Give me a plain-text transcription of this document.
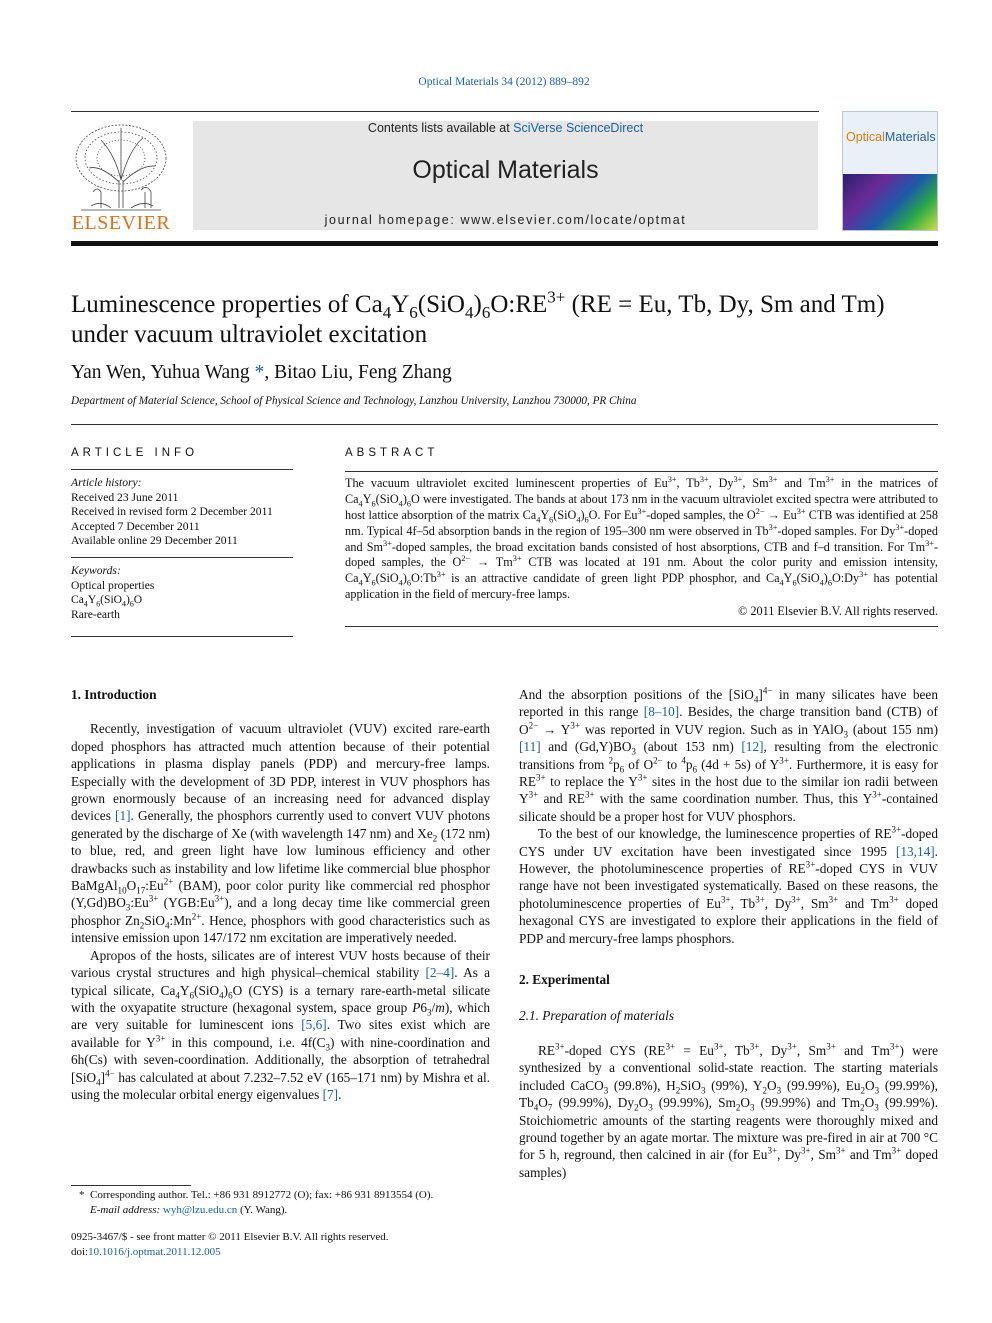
Optical Materials 34 (2012) 889–892
ELSEVIER
Contents lists available at SciVerse ScienceDirect
Optical Materials
journal homepage: www.elsevier.com/locate/optmat
OpticalMaterials
Luminescence properties of $Ca_4Y_6(SiO_4)_6O:RE^{3+}$ (RE = Eu, Tb, Dy, Sm and Tm)
under vacuum ultraviolet excitation
Yan Wen, Yuhua Wang *, Bitao Liu, Feng Zhang
Department of Material Science, School of Physical Science and Technology, Lanzhou University, Lanzhou 730000, PR China
ARTICLE INFO
Article history:
Received 23 June 2011
Received in revised form 2 December 2011
Accepted 7 December 2011
Available online 29 December 2011
Keywords:
Optical properties
$Ca_4Y_6(SiO_4)_6O$
Rare-earth
ABSTRACT

The vacuum ultraviolet excited luminescent properties of $Eu^{3+}$, $Tb^{3+}$, $Dy^{3+}$, $Sm^{3+}$ and $Tm^{3+}$ in the matrices of $Ca_4Y_6(SiO_4)_6O$ were investigated. The bands at about 173 nm in the vacuum ultraviolet excited spectra were attributed to host lattice absorption of the matrix $Ca_4Y_6(SiO_4)_6O$. For $Eu^{3+}$-doped samples, the $O^{2-} \to Eu^{3+}$ CTB was identified at 258 nm. Typical 4f–5d absorption bands in the region of 195–300 nm were observed in $Tb^{3+}$-doped samples. For $Dy^{3+}$-doped and $Sm^{3+}$-doped samples, the broad excitation bands consisted of host absorptions, CTB and f–d transition. For $Tm^{3+}$-doped samples, the $O^{2-} \to Tm^{3+}$ CTB was located at 191 nm. About the color purity and emission intensity, $Ca_4Y_6(SiO_4)_6O:Tb^{3+}$ is an attractive candidate of green light PDP phosphor, and $Ca_4Y_6(SiO_4)_6O:Dy^{3+}$ has potential application in the field of mercury-free lamps.

© 2011 Elsevier B.V. All rights reserved.
1. Introduction

Recently, investigation of vacuum ultraviolet (VUV) excited rare-earth doped phosphors has attracted much attention because of their potential applications in plasma display panels (PDP) and mercury-free lamps. Especially with the development of 3D PDP, interest in VUV phosphors has grown enormously because of an increasing need for advanced display devices [1]. Generally, the phosphors currently used to convert VUV photons generated by the discharge of Xe (with wavelength 147 nm) and $Xe_2$ (172 nm) to blue, red, and green light have low luminous efficiency and other drawbacks such as instability and low lifetime like commercial blue phosphor $BaMgAl_{10}O_{17}:Eu^{2+}$ (BAM), poor color purity like commercial red phosphor $(Y,Gd)BO_3:Eu^{3+}$ $(YGB:Eu^{3+})$, and a long decay time like commercial green phosphor $Zn_2SiO_4:Mn^{2+}$. Hence, phosphors with good characteristics such as intensive emission upon 147/172 nm excitation are imperatively needed.

Apropos of the hosts, silicates are of interest VUV hosts because of their various crystal structures and high physical–chemical stability [2–4]. As a typical silicate, $Ca_4Y_6(SiO_4)_6O$ (CYS) is a ternary rare-earth-metal silicate with the oxyapatite structure (hexagonal system, space group $P6_3/m$), which are very suitable for luminescent ions [5,6]. Two sites exist which are available for $Y^{3+}$ in this compound, i.e. $4f(C_3)$ with nine-coordination and 6h(Cs) with seven-coordination. Additionally, the absorption of tetrahedral $[SiO_4]^{4-}$ has calculated at about 7.232–7.52 eV (165–171 nm) by Mishra et al. using the molecular orbital energy eigenvalues [7].

And the absorption positions of the $[SiO_4]^{4-}$ in many silicates have been reported in this range [8–10]. Besides, the charge transition band (CTB) of $O^{2-} \to Y^{3+}$ was reported in VUV region. Such as in YAlO$_3$ (about 155 nm) [11] and $(Gd,Y)BO_3$ (about 153 nm) [12], resulting from the electronic transitions from $^2p_6$ of $O^{2-}$ to $^4p_6$ (4d + 5s) of $Y^{3+}$. Furthermore, it is easy for $RE^{3+}$ to replace the $Y^{3+}$ sites in the host due to the similar ion radii between $Y^{3+}$ and $RE^{3+}$ with the same coordination number. Thus, this $Y^{3+}$-contained silicate should be a proper host for VUV phosphors.

To the best of our knowledge, the luminescence properties of $RE^{3+}$-doped CYS under UV excitation have been investigated since 1995 [13,14]. However, the photoluminescence properties of $RE^{3+}$-doped CYS in VUV range have not been investigated systematically. Based on these reasons, the photoluminescence properties of $Eu^{3+}$, $Tb^{3+}$, $Dy^{3+}$, $Sm^{3+}$ and $Tm^{3+}$ doped hexagonal CYS are investigated to explore their applications in the field of PDP and mercury-free lamps phosphors.

2. Experimental
2.1. Preparation of materials

$RE^{3+}$-doped CYS ($RE^{3+} = Eu^{3+}$, $Tb^{3+}$, $Dy^{3+}$, $Sm^{3+}$ and $Tm^{3+}$) were synthesized by a conventional solid-state reaction. The starting materials included CaCO$_3$ (99.8%), $H_2SiO_3$ (99%), $Y_2O_3$ (99.99%), $Eu_2O_3$ (99.99%), $Tb_4O_7$ (99.99%), $Dy_2O_3$ (99.99%), $Sm_2O_3$ (99.99%) and $Tm_2O_3$ (99.99%). Stoichiometric amounts of the starting reagents were thoroughly mixed and ground together by an agate mortar. The mixture was pre-fired in air at 700 °C for 5 h, reground, then calcined in air (for $Eu^{3+}$, $Dy^{3+}$, $Sm^{3+}$ and $Tm^{3+}$ doped samples)

* Corresponding author. Tel.: +86 931 8912772 (O); fax: +86 931 8913554 (O).
E-mail address: wyh@lzu.edu.cn (Y. Wang).
0925-3467/$ - see front matter © 2011 Elsevier B.V. All rights reserved.
doi:10.1016/j.optmat.2011.12.005
